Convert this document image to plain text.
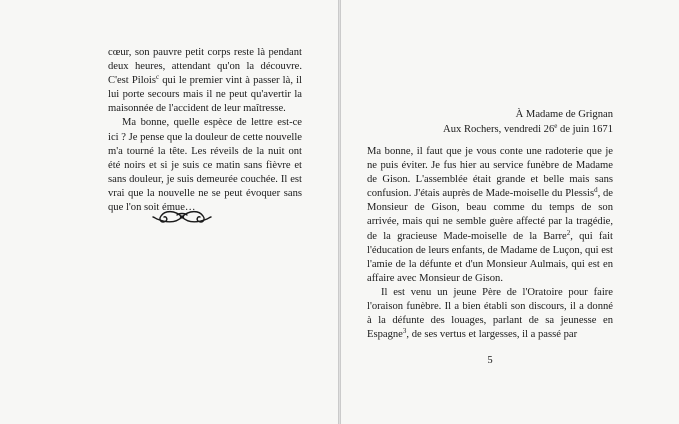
cœur, son pauvre petit corps reste là pendant deux heures, attendant qu'on la découvre. C'est Pilois$^c$ qui le premier vint à passer là, il lui porte secours mais il ne peut qu'avertir la maisonnée de l'accident de leur maîtresse.

Ma bonne, quelle espèce de lettre est-ce ici ? Je pense que la douleur de cette nouvelle m'a tourné la tête. Les réveils de la nuit ont été noirs et si je suis ce matin sans fièvre et sans douleur, je suis demeurée couchée. Il est vrai que la nouvelle ne se peut évoquer sans que l'on soit émue…

À Madame de Grignan
Aux Rochers, vendredi 26e de juin 1671

Ma bonne, il faut que je vous conte une radoterie que je ne puis éviter. Je fus hier au service funèbre de Madame de Gison. L'assemblée était grande et belle mais sans confusion. J'étais auprès de Made-moiselle du Plessis$^d$, de Monsieur de Gison, beau comme du temps de son arrivée, mais qui ne semble guère affecté par la tragédie, de la gracieuse Made-moiselle de la Barre$^2$, qui fait l'éducation de leurs enfants, de Madame de Luçon, qui est l'amie de la défunte et d'un Monsieur Aulmais, qui est en affaire avec Monsieur de Gison.

Il est venu un jeune Père de l'Oratoire pour faire l'oraison funèbre. Il a bien établi son discours, il a donné à la défunte des louages, parlant de sa jeunesse en Espagne$^3$, de ses vertus et largesses, il a passé par

5
